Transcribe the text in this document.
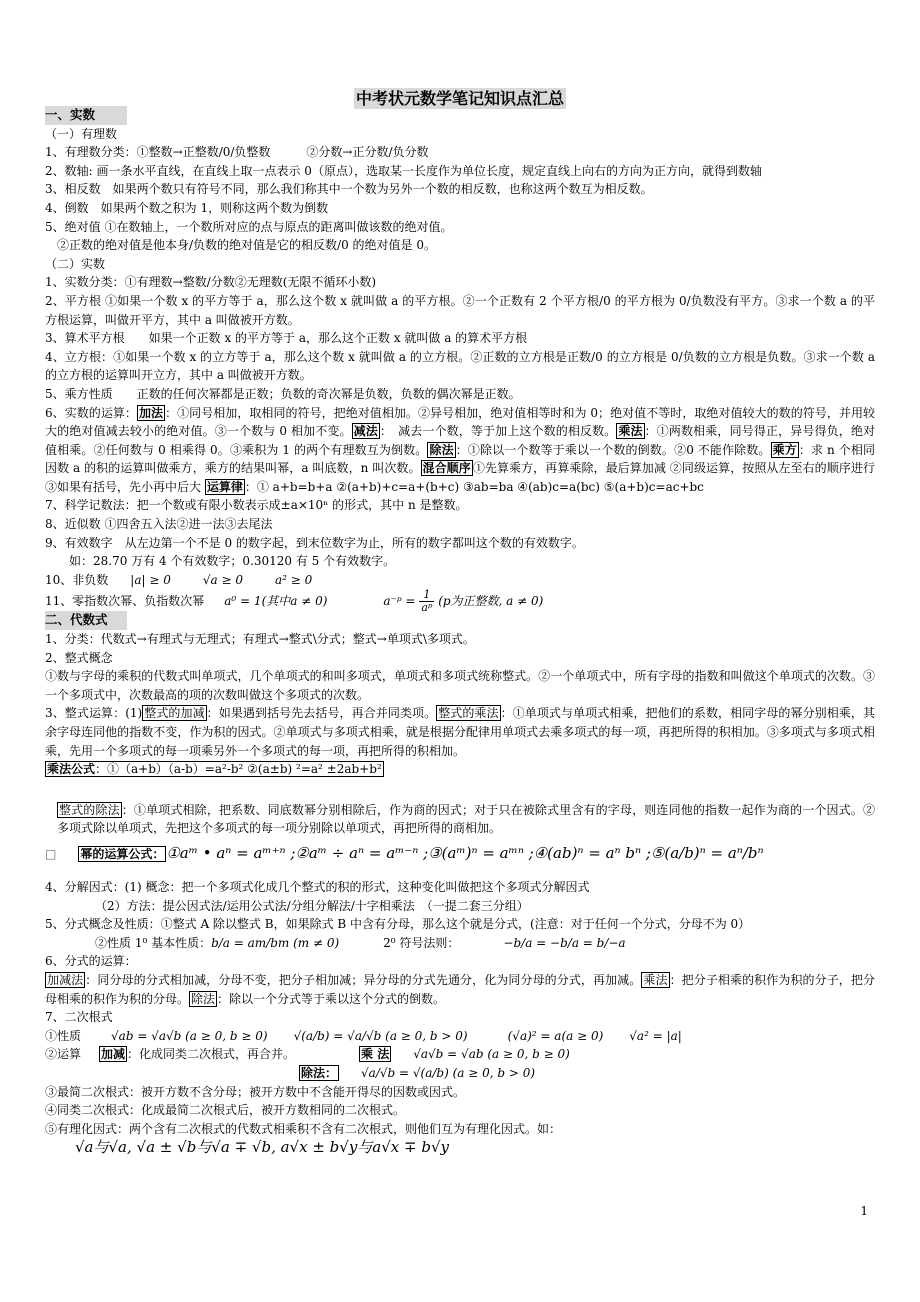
中考状元数学笔记知识点汇总
一、实数
（一）有理数
1、有理数分类：①整数→正整数/0/负整数　　　②分数→正分数/负分数
2、数轴: 画一条水平直线，在直线上取一点表示 0（原点），选取某一长度作为单位长度，规定直线上向右的方向为正方向，就得到数轴
3、相反数　如果两个数只有符号不同，那么我们称其中一个数为另外一个数的相反数，也称这两个数互为相反数。
4、倒数　如果两个数之积为 1，则称这两个数为倒数
5、绝对值 ①在数轴上，一个数所对应的点与原点的距离叫做该数的绝对值。
②正数的绝对值是他本身/负数的绝对值是它的相反数/0 的绝对值是 0。
（二）实数
1、实数分类：①有理数→整数/分数②无理数(无限不循环小数)
2、平方根 ①如果一个数 x 的平方等于 a，那么这个数 x 就叫做 a 的平方根。②一个正数有 2 个平方根/0 的平方根为 0/负数没有平方。③求一个数 a 的平方根运算，叫做开平方，其中 a 叫做被开方数。
3、算术平方根　　如果一个正数 x 的平方等于 a，那么这个正数 x 就叫做 a 的算术平方根
4、立方根：①如果一个数 x 的立方等于 a，那么这个数 x 就叫做 a 的立方根。②正数的立方根是正数/0 的立方根是 0/负数的立方根是负数。③求一个数 a 的立方根的运算叫开立方，其中 a 叫做被开方数。
5、乘方性质　　正数的任何次幂都是正数；负数的奇次幂是负数，负数的偶次幂是正数。
6、实数的运算： 加法 ：①同号相加，取相同的符号，把绝对值相加。②异号相加，绝对值相等时和为 0；绝对值不等时，取绝对值较大的数的符号，并用较大的绝对值减去较小的绝对值。③一个数与 0 相加不变。 减法 ：　减去一个数，等于加上这个数的相反数。 乘法 ：①两数相乘，同号得正，异号得负，绝对值相乘。②任何数与 0 相乘得 0。③乘积为 1 的两个有理数互为倒数。 除法 ：①除以一个数等于乘以一个数的倒数。②0 不能作除数。 乘方 ：求 n 个相同因数 a 的积的运算叫做乘方，乘方的结果叫幂，a 叫底数，n 叫次数。 混合顺序 ①先算乘方，再算乘除，最后算加减 ②同级运算，按照从左至右的顺序进行 ③如果有括号，先小再中后大 运算律 ：① a+b=b+a ②(a+b)+c=a+(b+c) ③ab=ba ④(ab)c=a(bc) ⑤(a+b)c=ac+bc
7、科学记数法：把一个数或有限小数表示成±a×10ⁿ 的形式，其中 n 是整数。
8、近似数 ①四舍五入法②进一法③去尾法
9、有效数字　从左边第一个不是 0 的数字起，到末位数字为止，所有的数字都叫这个数的有效数字。
如：28.70 万有 4 个有效数字；0.30120 有 5 个有效数字。
10、非负数 |a| ≥ 0	√a ≥ 0	a² ≥ 0
11、零指数次幂、负指数次幂 a⁰ = 1(其中a ≠ 0)	a⁻ᵖ = $\frac{1}{\text{aᵖ}} (p$为正整数, a ≠ 0)
二、代数式
1、分类：代数式→有理式与无理式；有理式→整式\分式；整式→单项式\多项式。
2、整式概念
①数与字母的乘积的代数式叫单项式，几个单项式的和叫多项式，单项式和多项式统称整式。②一个单项式中，所有字母的指数和叫做这个单项式的次数。③一个多项式中，次数最高的项的次数叫做这个多项式的次数。
3、整式运算：(1) 整式的加减 ：如果遇到括号先去括号，再合并同类项。 整式的乘法 ：①单项式与单项式相乘，把他们的系数，相同字母的幂分别相乘，其余字母连同他的指数不变，作为积的因式。②单项式与多项式相乘，就是根据分配律用单项式去乘多项式的每一项，再把所得的积相加。③多项式与多项式相乘，先用一个多项式的每一项乘另外一个多项式的每一项，再把所得的积相加。
乘法公式：①（a+b）（a-b）=a²-b² ②(a±b) ²=a² ±2ab+b²
整式的除法 ：①单项式相除，把系数、同底数幂分别相除后，作为商的因式；对于只在被除式里含有的字母，则连同他的指数一起作为商的一个因式。②多项式除以单项式，先把这个多项式的每一项分别除以单项式，再把所得的商相加。
□ 幂的运算公式： ①aᵐ • aⁿ = aᵐ⁺ⁿ ;②aᵐ ÷ aⁿ = aᵐ⁻ⁿ ;③(aᵐ)ⁿ = aᵐⁿ ;④(ab)ⁿ = aⁿ bⁿ ;⑤(a/b)ⁿ = aⁿ/bⁿ
4、分解因式：(1) 概念：把一个多项式化成几个整式的积的形式，这种变化叫做把这个多项式分解因式
（2）方法：提公因式法/运用公式法/分组分解法/十字相乘法　（一提二套三分组）
5、分式概念及性质：①整式 A 除以整式 B，如果除式 B 中含有分母，那么这个就是分式，(注意：对于任何一个分式，分母不为 0）
②性质 1⁰ 基本性质：b/a = am/bm (m ≠ 0)	2⁰ 符号法则：	−b/a = −b/a = b/−a
6、分式的运算：
加减法 ：同分母的分式相加减，分母不变，把分子相加减；异分母的分式先通分，化为同分母的分式，再加减。 乘法 ：把分子相乘的积作为积的分子，把分母相乘的积作为积的分母。 除法 ：除以一个分式等于乘以这个分式的倒数。
7、二次根式
①性质	√ab = √a√b (a ≥ 0, b ≥ 0) √(a/b) = √a/√b (a ≥ 0, b > 0)	(√a)² = a(a ≥ 0) √a² = |a|
②运算 加减 ：化成同类二次根式，再合并。	乘 法 √a√b = √ab (a ≥ 0, b ≥ 0)
除法： √a/√b = √(a/b) (a ≥ 0, b > 0)
③最简二次根式：被开方数不含分母；被开方数中不含能开得尽的因数或因式。
④同类二次根式：化成最简二次根式后，被开方数相同的二次根式。
⑤有理化因式：两个含有二次根式的代数式相乘积不含有二次根式，则他们互为有理化因式。如：
√a与√a, √a ± √b与√a ∓ √b, a√x ± b√y与a√x ∓ b√y
1
